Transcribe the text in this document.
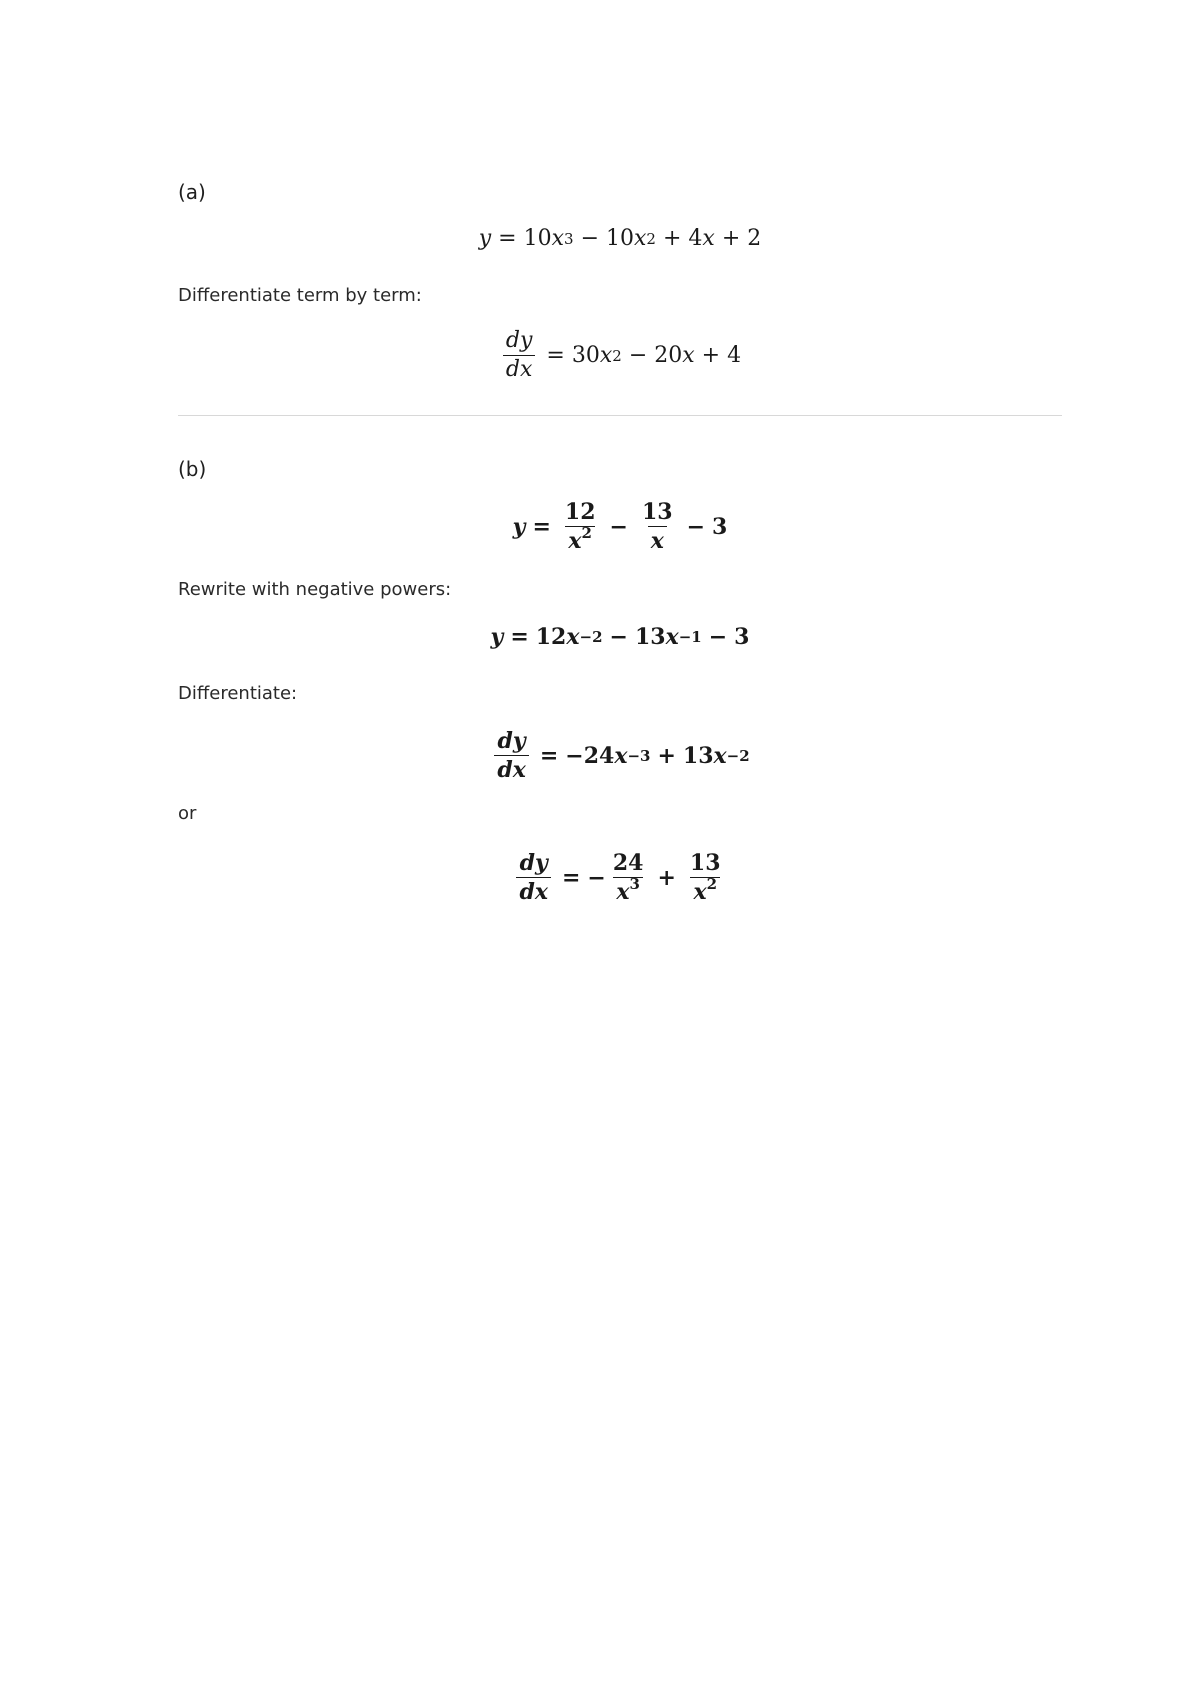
(a)
y = 10 x 3 − 10 x 2 + 4 x + 2
Differentiate term by term:
$\frac{dy}{dx} = 30$ x 2 − 20 x + 4
(b)
$y = \frac{12}{x^2} - \frac{13}{x} - 3$
Rewrite with negative powers:
y = 12 x −2 − 13 x −1 − 3
Differentiate:
$\frac{dy}{dx} = -24$ x −3 + 13 x −2
or
$\frac{dy}{dx}$ = − $\frac{24}{x^3} + \frac{13}{x^2}$
